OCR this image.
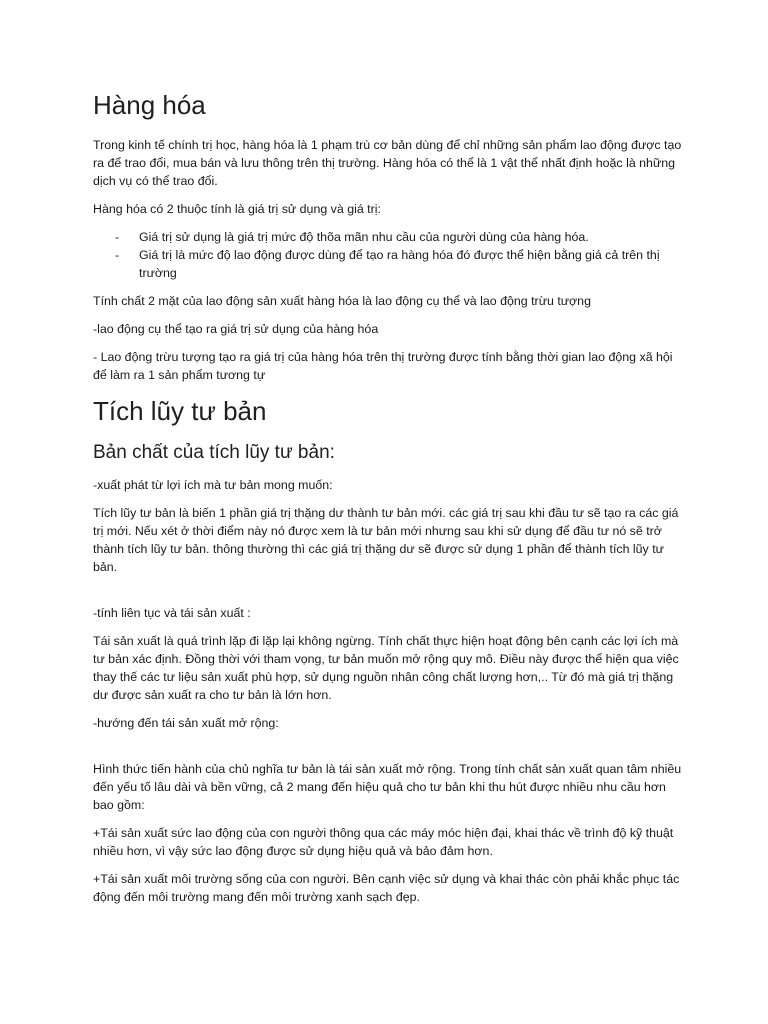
Hàng hóa

Trong kinh tế chính trị học, hàng hóa là 1 phạm trù cơ bản dùng để chỉ những sản phẩm lao động được tạo ra để trao đổi, mua bán và lưu thông trên thị trường. Hàng hóa có thể là 1 vật thể nhất định hoặc là những dịch vụ có thể trao đổi.

Hàng hóa có 2 thuộc tính là giá trị sử dụng và giá trị:

- Giá trị sử dụng là giá trị mức độ thõa mãn nhu cầu của người dùng của hàng hóa.
- Giá trị là mức độ lao động được dùng để tạo ra hàng hóa đó được thể hiện bằng giá cả trên thị trường

Tính chất 2 mặt của lao động sản xuất hàng hóa là lao động cụ thể và lao động trừu tượng

-lao động cụ thể tạo ra giá trị sử dụng của hàng hóa

- Lao động trừu tượng tạo ra giá trị của hàng hóa trên thị trường được tính bằng thời gian lao động xã hội để làm ra 1 sản phẩm tương tự

Tích lũy tư bản
Bản chất của tích lũy tư bản:

-xuất phát từ lợi ích mà tư bản mong muốn:

Tích lũy tư bản là biến 1 phần giá trị thặng dư thành tư bản mới. các giá trị sau khi đầu tư sẽ tạo ra các giá trị mới. Nếu xét ở thời điểm này nó được xem là tư bản mới nhưng sau khi sử dụng để đầu tư nó sẽ trở thành tích lũy tư bản. thông thường thì các giá trị thặng dư sẽ được sử dụng 1 phần để thành tích lũy tư bản.

-tính liên tục và tái sản xuất :

Tái sản xuất là quá trình lặp đi lặp lại không ngừng. Tính chất thực hiện hoạt động bên cạnh các lợi ích mà tư bản xác định. Đồng thời với tham vọng, tư bản muốn mở rộng quy mô. Điều này được thể hiện qua việc thay thế các tư liệu sản xuất phù hợp, sử dụng nguồn nhân công chất lượng hơn,.. Từ đó mà giá trị thặng dư được sản xuất ra cho tư bản là lớn hơn.

-hướng đến tái sản xuất mở rộng:

Hình thức tiến hành của chủ nghĩa tư bản là tái sản xuất mở rộng. Trong tính chất sản xuất quan tâm nhiều đến yếu tố lâu dài và bền vững, cả 2 mang đến hiệu quả cho tư bản khi thu hút được nhiều nhu cầu hơn bao gồm:

+Tái sản xuất sức lao động của con người thông qua các máy móc hiện đại, khai thác về trình độ kỹ thuật nhiều hơn, vì vậy sức lao động được sử dụng hiệu quả và bảo đảm hơn.

+Tái sản xuất môi trường sống của con người. Bên cạnh việc sử dụng và khai thác còn phải khắc phục tác động đến môi trường mang đến môi trường xanh sạch đẹp.
